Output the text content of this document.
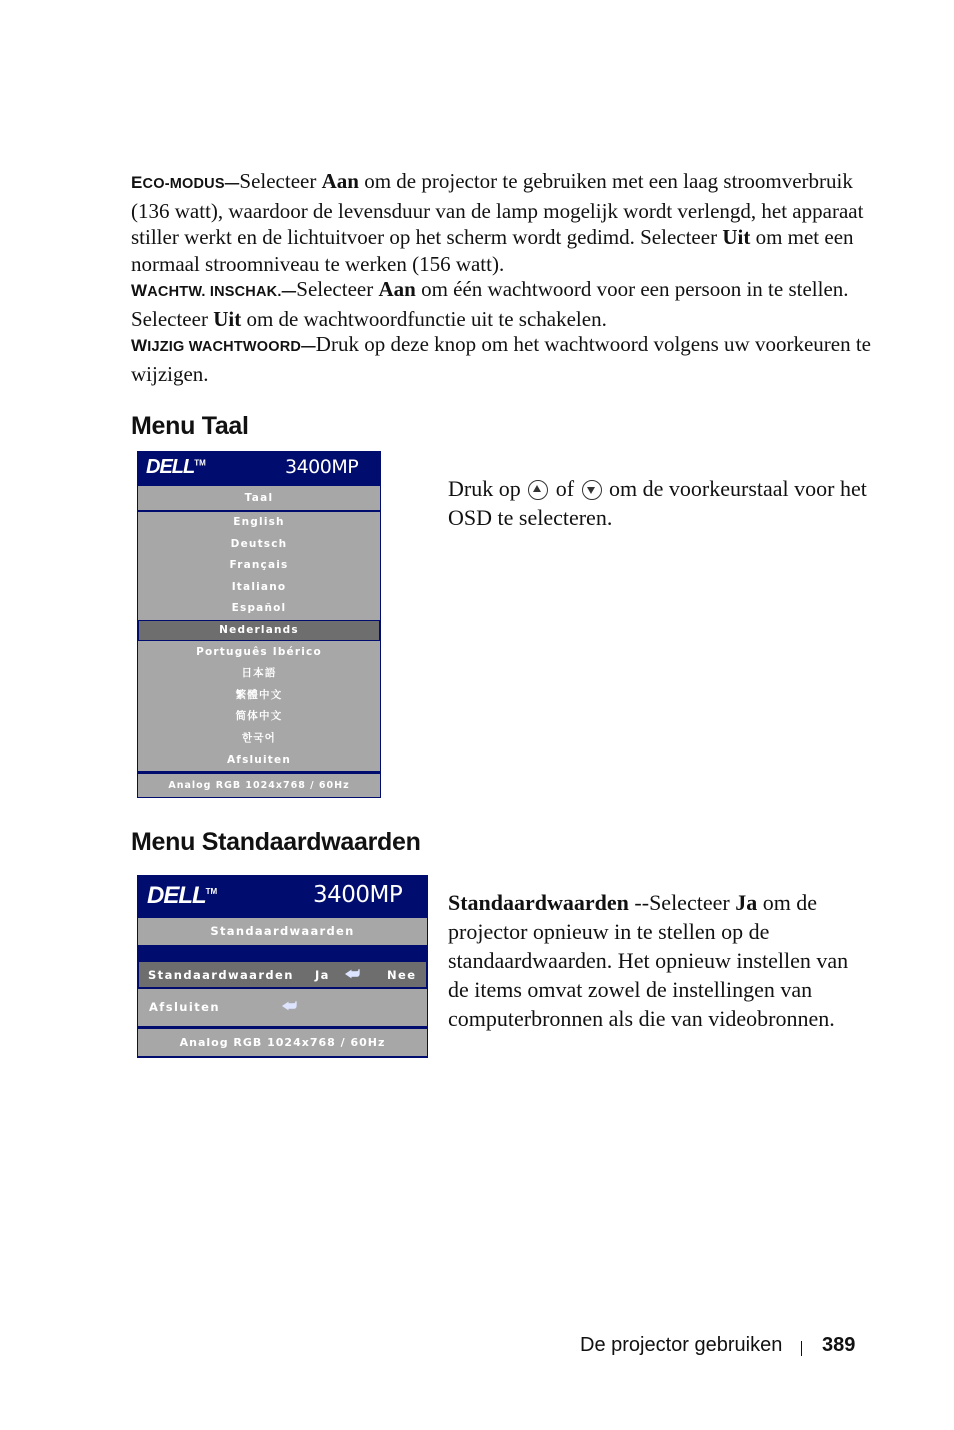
ECO-MODUS—Selecteer Aan om de projector te gebruiken met een laag stroomverbruik (136 watt), waardoor de levensduur van de lamp mogelijk wordt verlengd, het apparaat stiller werkt en de lichtuitvoer op het scherm wordt gedimd. Selecteer Uit om met een normaal stroomniveau te werken (156 watt).
WACHTW. INSCHAK.—Selecteer Aan om één wachtwoord voor een persoon in te stellen. Selecteer Uit om de wachtwoordfunctie uit te schakelen.
WIJZIG WACHTWOORD—Druk op deze knop om het wachtwoord volgens uw voorkeuren te wijzigen.
Menu Taal
DELL™	3400MP
Taal
English
Deutsch
Français
Italiano
Español
Nederlands
Português Ibérico
日本語
繁體中文
简体中文
한국어
Afsluiten
Analog RGB 1024x768 / 60Hz
Druk op  of  om de voorkeurstaal voor het OSD te selecteren.
Menu Standaardwaarden
DELL™	3400MP
Standaardwaarden
Standaardwaarden Ja ⮨	Nee
Afsluiten	⮨
Analog RGB 1024x768 / 60Hz
Standaardwaarden --Selecteer Ja om de projector opnieuw in te stellen op de standaardwaarden. Het opnieuw instellen van de items omvat zowel de instellingen van computerbronnen als die van videobronnen.
De projector gebruiken 389
